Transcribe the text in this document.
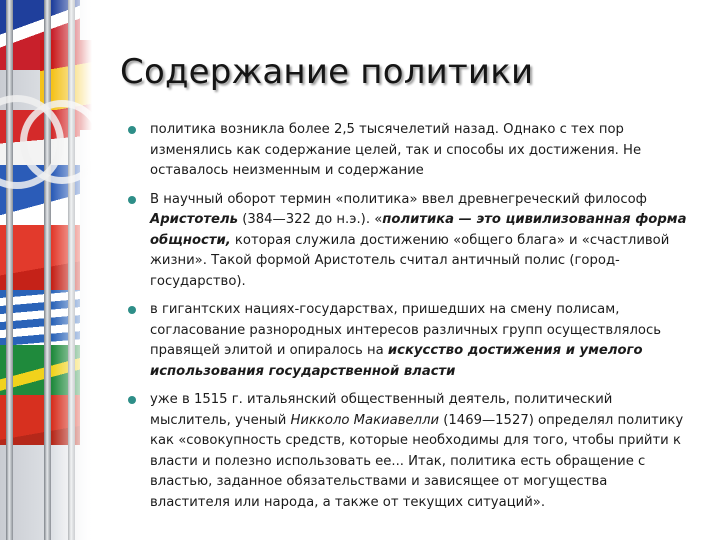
Содержание политики
политика возникла более 2,5 тысячелетий назад. Однако с тех пор изменялись как содержание целей, так и способы их достижения. Не оставалось неизменным и содержание
В научный оборот термин «политика» ввел древнегреческий философ Аристотель (384—322 до н.э.). «политика — это цивилизованная форма общности, которая служила достижению «общего блага» и «счастливой жизни». Такой формой Аристотель считал античный полис (город-государство).
в гигантских нациях-государствах, пришедших на смену полисам, согласование разнородных интересов различных групп осуществлялось правящей элитой и опиралось на искусство достижения и умелого использования государственной власти
уже в 1515 г. итальянский общественный деятель, политический мыслитель, ученый Никколо Макиавелли (1469—1527) определял политику как «совокупность средств, которые необходимы для того, чтобы прийти к власти и полезно использовать ее... Итак, политика есть обращение с властью, заданное обязательствами и зависящее от могущества властителя или народа, а также от текущих ситуаций».
